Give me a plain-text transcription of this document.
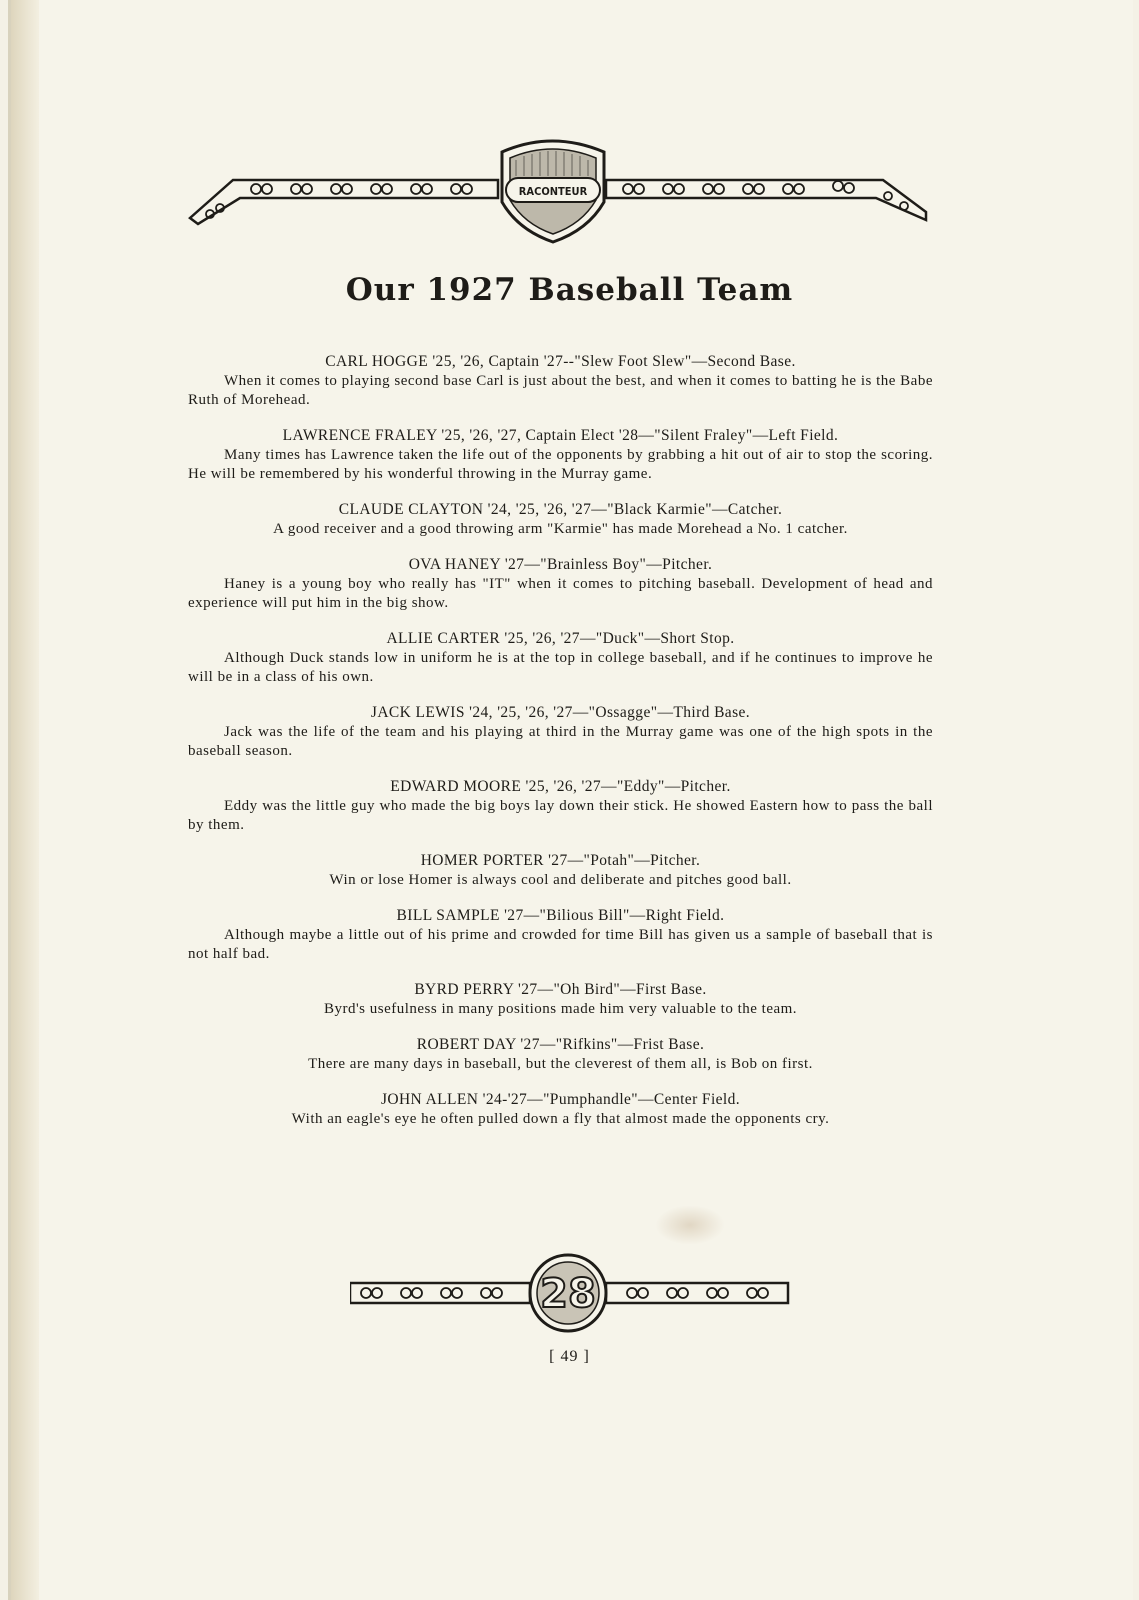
RACONTEUR
Our 1927 Baseball Team
CARL HOGGE '25, '26, Captain '27--"Slew Foot Slew"—Second Base.
When it comes to playing second base Carl is just about the best, and when it comes to batting he is the Babe Ruth of Morehead.
LAWRENCE FRALEY '25, '26, '27, Captain Elect '28—"Silent Fraley"—Left Field.
Many times has Lawrence taken the life out of the opponents by grabbing a hit out of air to stop the scoring. He will be remembered by his wonderful throwing in the Murray game.
CLAUDE CLAYTON '24, '25, '26, '27—"Black Karmie"—Catcher.
A good receiver and a good throwing arm "Karmie" has made Morehead a No. 1 catcher.
OVA HANEY '27—"Brainless Boy"—Pitcher.
Haney is a young boy who really has "IT" when it comes to pitching baseball. Development of head and experience will put him in the big show.
ALLIE CARTER '25, '26, '27—"Duck"—Short Stop.
Although Duck stands low in uniform he is at the top in college baseball, and if he continues to improve he will be in a class of his own.
JACK LEWIS '24, '25, '26, '27—"Ossagge"—Third Base.
Jack was the life of the team and his playing at third in the Murray game was one of the high spots in the baseball season.
EDWARD MOORE '25, '26, '27—"Eddy"—Pitcher.
Eddy was the little guy who made the big boys lay down their stick. He showed Eastern how to pass the ball by them.
HOMER PORTER '27—"Potah"—Pitcher.
Win or lose Homer is always cool and deliberate and pitches good ball.
BILL SAMPLE '27—"Bilious Bill"—Right Field.
Although maybe a little out of his prime and crowded for time Bill has given us a sample of baseball that is not half bad.
BYRD PERRY '27—"Oh Bird"—First Base.
Byrd's usefulness in many positions made him very valuable to the team.
ROBERT DAY '27—"Rifkins"—Frist Base.
There are many days in baseball, but the cleverest of them all, is Bob on first.
JOHN ALLEN '24-'27—"Pumphandle"—Center Field.
With an eagle's eye he often pulled down a fly that almost made the opponents cry.
28
[ 49 ]
